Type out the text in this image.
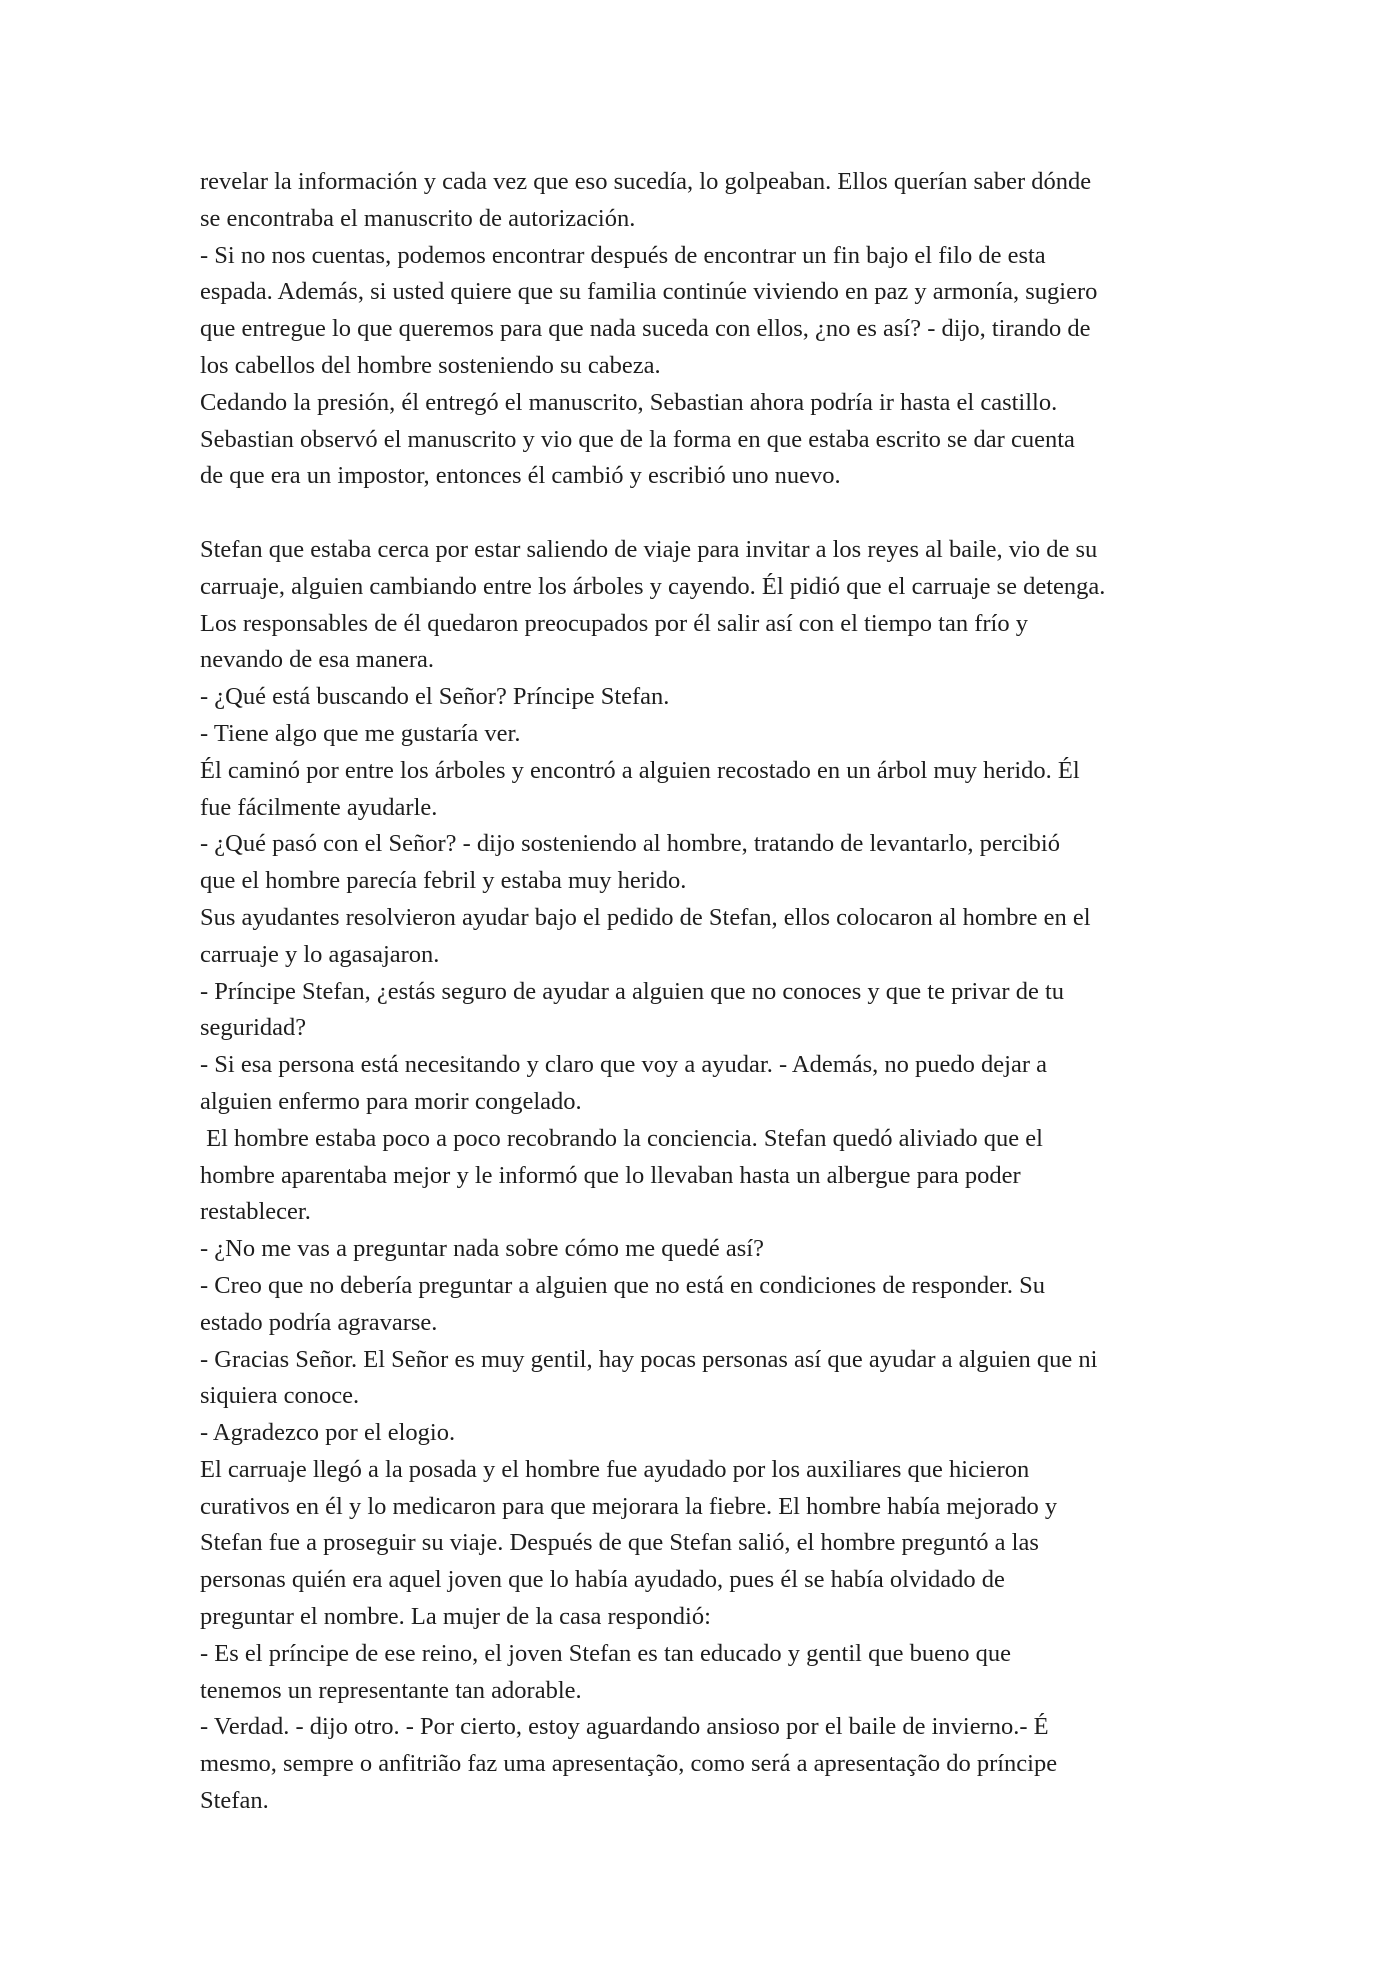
revelar la información y cada vez que eso sucedía, lo golpeaban. Ellos querían saber dónde
se encontraba el manuscrito de autorización.
- Si no nos cuentas, podemos encontrar después de encontrar un fin bajo el filo de esta
espada. Además, si usted quiere que su familia continúe viviendo en paz y armonía, sugiero
que entregue lo que queremos para que nada suceda con ellos, ¿no es así? - dijo, tirando de
los cabellos del hombre sosteniendo su cabeza.
Cedando la presión, él entregó el manuscrito, Sebastian ahora podría ir hasta el castillo.
Sebastian observó el manuscrito y vio que de la forma en que estaba escrito se dar cuenta
de que era un impostor, entonces él cambió y escribió uno nuevo.
Stefan que estaba cerca por estar saliendo de viaje para invitar a los reyes al baile, vio de su
carruaje, alguien cambiando entre los árboles y cayendo. Él pidió que el carruaje se detenga.
Los responsables de él quedaron preocupados por él salir así con el tiempo tan frío y
nevando de esa manera.
- ¿Qué está buscando el Señor? Príncipe Stefan.
- Tiene algo que me gustaría ver.
Él caminó por entre los árboles y encontró a alguien recostado en un árbol muy herido. Él
fue fácilmente ayudarle.
- ¿Qué pasó con el Señor? - dijo sosteniendo al hombre, tratando de levantarlo, percibió
que el hombre parecía febril y estaba muy herido.
Sus ayudantes resolvieron ayudar bajo el pedido de Stefan, ellos colocaron al hombre en el
carruaje y lo agasajaron.
- Príncipe Stefan, ¿estás seguro de ayudar a alguien que no conoces y que te privar de tu
seguridad?
- Si esa persona está necesitando y claro que voy a ayudar. - Además, no puedo dejar a
alguien enfermo para morir congelado.
El hombre estaba poco a poco recobrando la conciencia. Stefan quedó aliviado que el
hombre aparentaba mejor y le informó que lo llevaban hasta un albergue para poder
restablecer.
- ¿No me vas a preguntar nada sobre cómo me quedé así?
- Creo que no debería preguntar a alguien que no está en condiciones de responder. Su
estado podría agravarse.
- Gracias Señor. El Señor es muy gentil, hay pocas personas así que ayudar a alguien que ni
siquiera conoce.
- Agradezco por el elogio.
El carruaje llegó a la posada y el hombre fue ayudado por los auxiliares que hicieron
curativos en él y lo medicaron para que mejorara la fiebre. El hombre había mejorado y
Stefan fue a proseguir su viaje. Después de que Stefan salió, el hombre preguntó a las
personas quién era aquel joven que lo había ayudado, pues él se había olvidado de
preguntar el nombre. La mujer de la casa respondió:
- Es el príncipe de ese reino, el joven Stefan es tan educado y gentil que bueno que
tenemos un representante tan adorable.
- Verdad. - dijo otro. - Por cierto, estoy aguardando ansioso por el baile de invierno.- É
mesmo, sempre o anfitrião faz uma apresentação, como será a apresentação do príncipe
Stefan.
